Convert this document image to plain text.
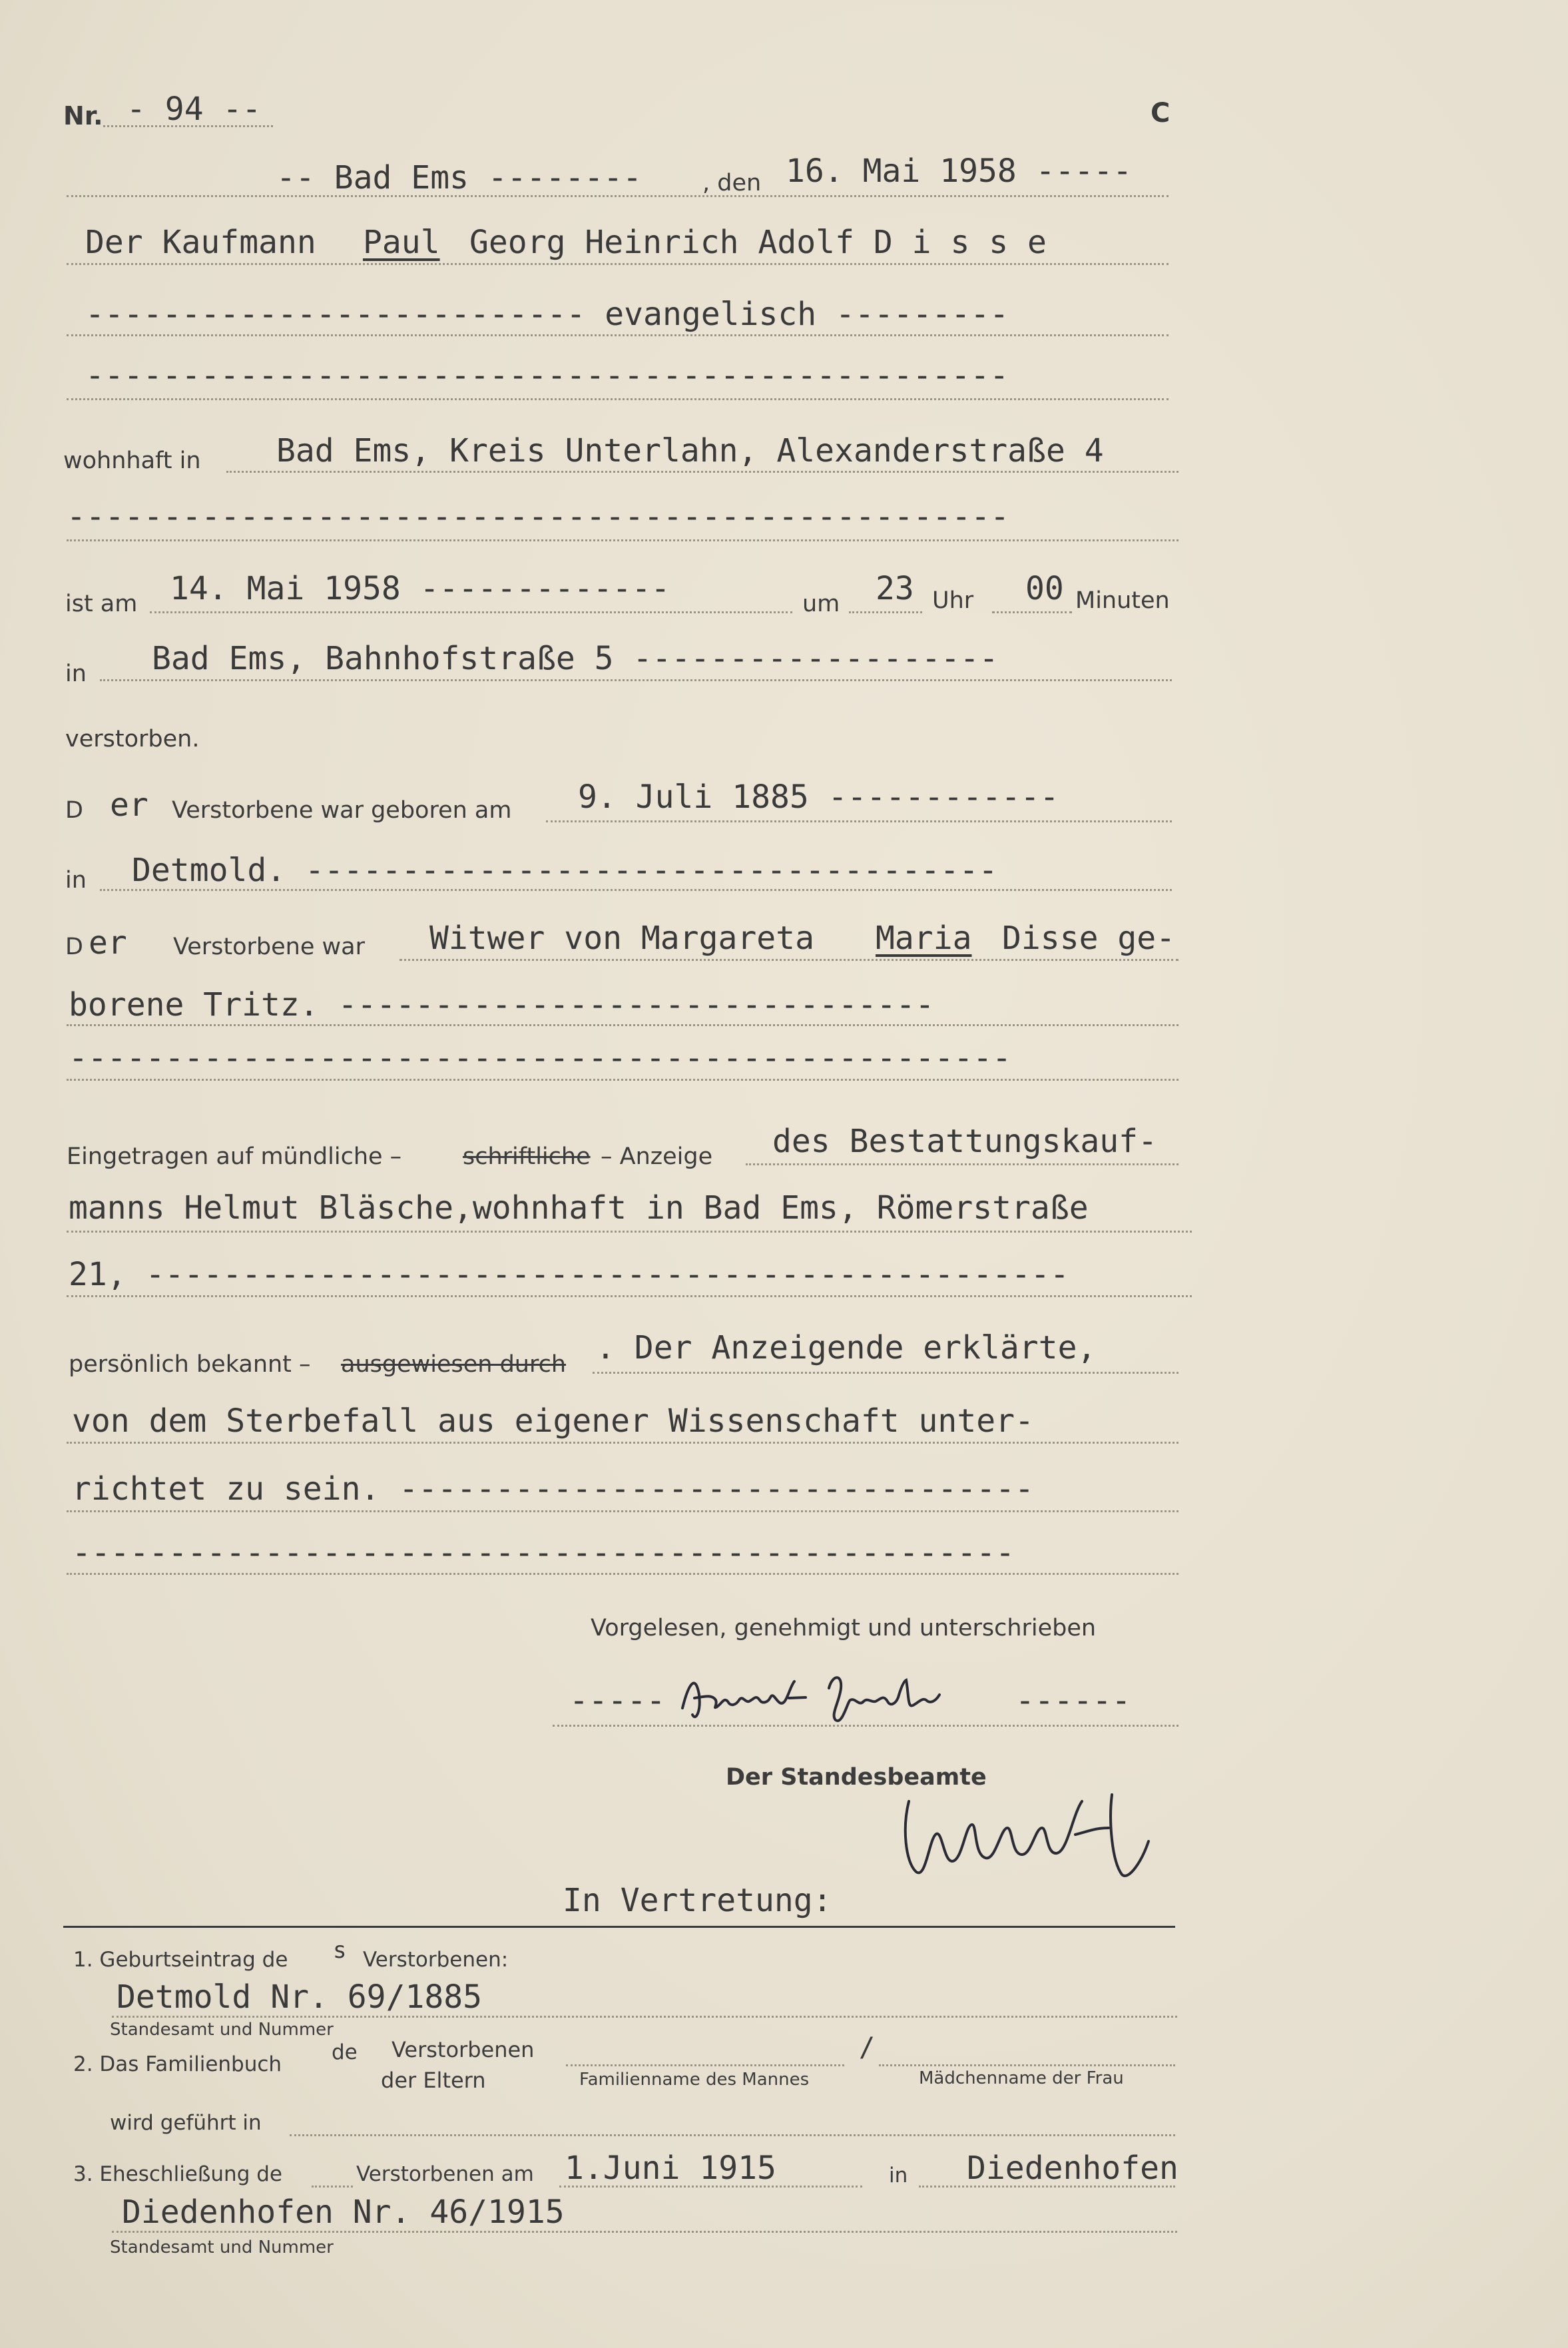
Nr. - 94 --	C
-- Bad Ems --------	, den 16. Mai 1958 -----
Der Kaufmann Paul Georg Heinrich Adolf D i s s e
-------------------------- evangelisch ---------
------------------------------------------------
wohnhaft in Bad Ems, Kreis Unterlahn, Alexanderstraße 4
-------------------------------------------------
ist am 14. Mai 1958 -------------	um 23 Uhr 00 Minuten
in Bad Ems, Bahnhofstraße 5 -------------------
verstorben.
D er Verstorbene war geboren am 9. Juli 1885 ------------
in Detmold. ------------------------------------
D er Verstorbene war Witwer von Margareta Maria Disse ge-
borene Tritz. -------------------------------
-------------------------------------------------
Eingetragen auf mündliche –	schriftliche – Anzeige des Bestattungskauf-
manns Helmut Bläsche,wohnhaft in Bad Ems, Römerstraße
21, ------------------------------------------------
persönlich bekannt – ausgewiesen durch . Der Anzeigende erklärte,
von dem Sterbefall aus eigener Wissenschaft unter-
richtet zu sein. ---------------------------------
-------------------------------------------------
Vorgelesen, genehmigt und unterschrieben
-----	------
Der Standesbeamte
In Vertretung:
1. Geburtseintrag de s Verstorbenen:
Detmold Nr. 69/1885
Standesamt und Nummer
2. Das Familienbuch de Verstorbenen
der Eltern	Familienname des Mannes
/
Mädchenname der Frau
wird geführt in
3. Eheschließung de	Verstorbenen am 1.Juni 1915	in Diedenhofen
Diedenhofen Nr. 46/1915
Standesamt und Nummer
